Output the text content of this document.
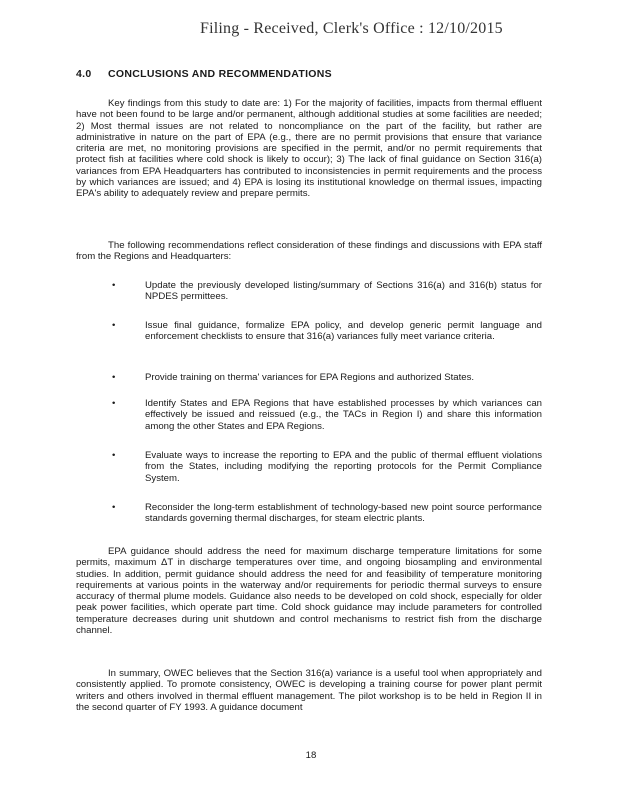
Filing - Received, Clerk's Office : 12/10/2015
4.0 CONCLUSIONS AND RECOMMENDATIONS

Key findings from this study to date are: 1) For the majority of facilities, impacts from thermal effluent have not been found to be large and/or permanent, although additional studies at some facilities are needed; 2) Most thermal issues are not related to noncompliance on the part of the facility, but rather are administrative in nature on the part of EPA (e.g., there are no permit provisions that ensure that variance criteria are met, no monitoring provisions are specified in the permit, and/or no permit requirements that protect fish at facilities where cold shock is likely to occur); 3) The lack of final guidance on Section 316(a) variances from EPA Headquarters has contributed to inconsistencies in permit requirements and the process by which variances are issued; and 4) EPA is losing its institutional knowledge on thermal issues, impacting EPA's ability to adequately review and prepare permits.

The following recommendations reflect consideration of these findings and discussions with EPA staff from the Regions and Headquarters:

•	Update the previously developed listing/summary of Sections 316(a) and 316(b) status for NPDES permittees.
•	Issue final guidance, formalize EPA policy, and develop generic permit language and enforcement checklists to ensure that 316(a) variances fully meet variance criteria.
•	Provide training on therma' variances for EPA Regions and authorized States.
•	Identify States and EPA Regions that have established processes by which variances can effectively be issued and reissued (e.g., the TACs in Region I) and share this information among the other States and EPA Regions.
•	Evaluate ways to increase the reporting to EPA and the public of thermal effluent violations from the States, including modifying the reporting protocols for the Permit Compliance System.
•	Reconsider the long-term establishment of technology-based new point source performance standards governing thermal discharges, for steam electric plants.

EPA guidance should address the need for maximum discharge temperature limitations for some permits, maximum ΔT in discharge temperatures over time, and ongoing biosampling and environmental studies. In addition, permit guidance should address the need for and feasibility of temperature monitoring requirements at various points in the waterway and/or requirements for periodic thermal surveys to ensure accuracy of thermal plume models. Guidance also needs to be developed on cold shock, especially for older peak power facilities, which operate part time. Cold shock guidance may include parameters for controlled temperature decreases during unit shutdown and control mechanisms to restrict fish from the discharge channel.

In summary, OWEC believes that the Section 316(a) variance is a useful tool when appropriately and consistently applied. To promote consistency, OWEC is developing a training course for power plant permit writers and others involved in thermal effluent management. The pilot workshop is to be held in Region II in the second quarter of FY 1993. A guidance document

18
